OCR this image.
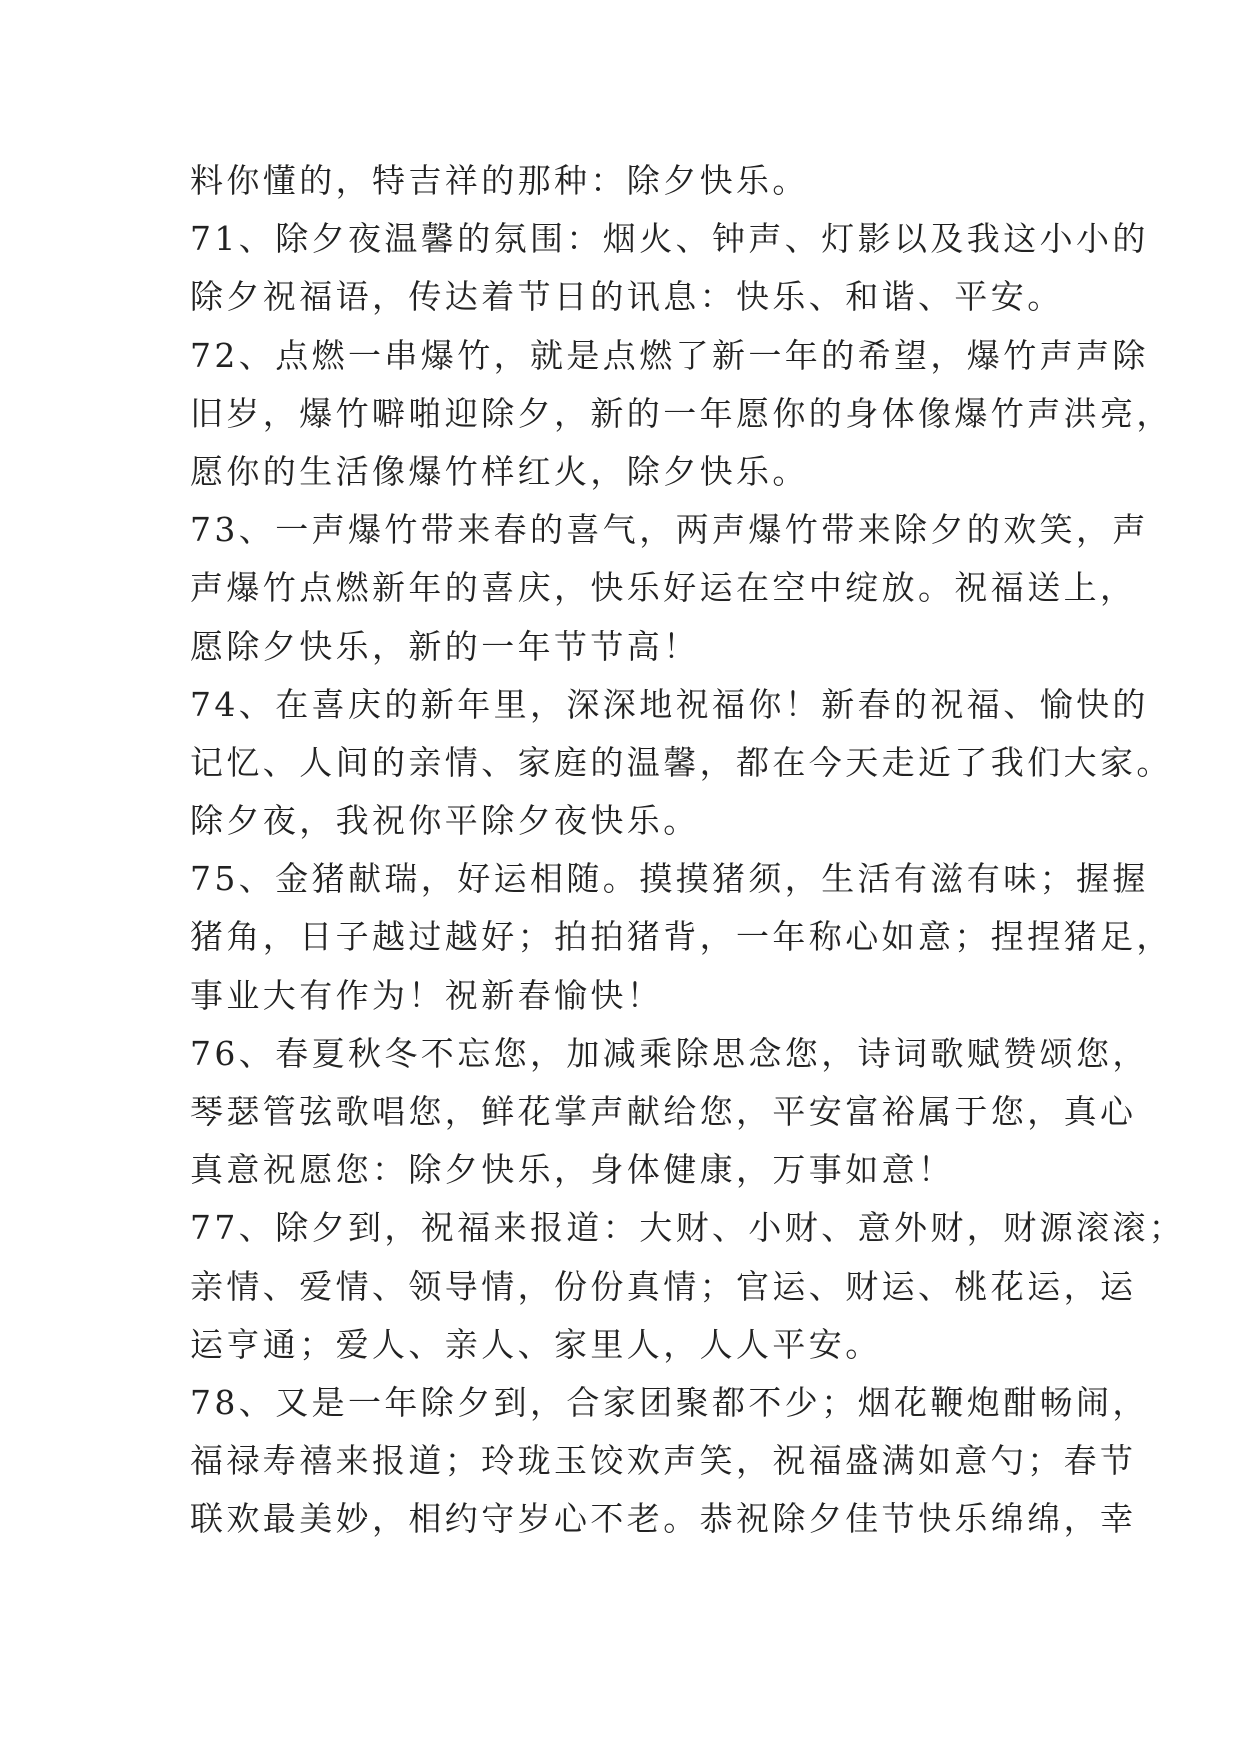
料你懂的，特吉祥的那种：除夕快乐。
71、除夕夜温馨的氛围：烟火、钟声、灯影以及我这小小的
除夕祝福语，传达着节日的讯息：快乐、和谐、平安。
72、点燃一串爆竹，就是点燃了新一年的希望，爆竹声声除
旧岁，爆竹噼啪迎除夕，新的一年愿你的身体像爆竹声洪亮，
愿你的生活像爆竹样红火，除夕快乐。
73、一声爆竹带来春的喜气，两声爆竹带来除夕的欢笑，声
声爆竹点燃新年的喜庆，快乐好运在空中绽放。祝福送上，
愿除夕快乐，新的一年节节高！
74、在喜庆的新年里，深深地祝福你！新春的祝福、愉快的
记忆、人间的亲情、家庭的温馨，都在今天走近了我们大家。
除夕夜，我祝你平除夕夜快乐。
75、金猪献瑞，好运相随。摸摸猪须，生活有滋有味；握握
猪角，日子越过越好；拍拍猪背，一年称心如意；捏捏猪足，
事业大有作为！祝新春愉快！
76、春夏秋冬不忘您，加减乘除思念您，诗词歌赋赞颂您，
琴瑟管弦歌唱您，鲜花掌声献给您，平安富裕属于您，真心
真意祝愿您：除夕快乐，身体健康，万事如意！
77、除夕到，祝福来报道：大财、小财、意外财，财源滚滚；
亲情、爱情、领导情，份份真情；官运、财运、桃花运，运
运亨通；爱人、亲人、家里人，人人平安。
78、又是一年除夕到，合家团聚都不少；烟花鞭炮酣畅闹，
福禄寿禧来报道；玲珑玉饺欢声笑，祝福盛满如意勺；春节
联欢最美妙，相约守岁心不老。恭祝除夕佳节快乐绵绵，幸
